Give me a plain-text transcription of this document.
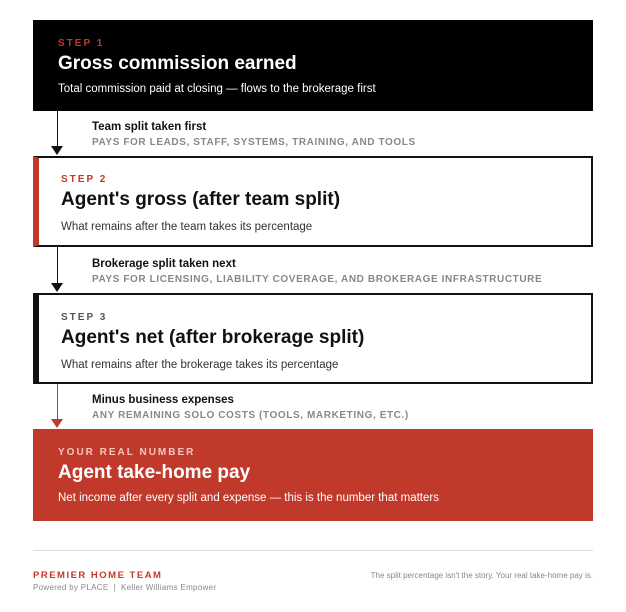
STEP 1
Gross commission earned
Total commission paid at closing — flows to the brokerage first
Team split taken first
PAYS FOR LEADS, STAFF, SYSTEMS, TRAINING, AND TOOLS
STEP 2
Agent's gross (after team split)
What remains after the team takes its percentage
Brokerage split taken next
PAYS FOR LICENSING, LIABILITY COVERAGE, AND BROKERAGE INFRASTRUCTURE
STEP 3
Agent's net (after brokerage split)
What remains after the brokerage takes its percentage
Minus business expenses
ANY REMAINING SOLO COSTS (TOOLS, MARKETING, ETC.)
YOUR REAL NUMBER
Agent take-home pay
Net income after every split and expense — this is the number that matters
PREMIER HOME TEAM
Powered by PLACE  |  Keller Williams Empower
The split percentage isn't the story. Your real take-home pay is.
